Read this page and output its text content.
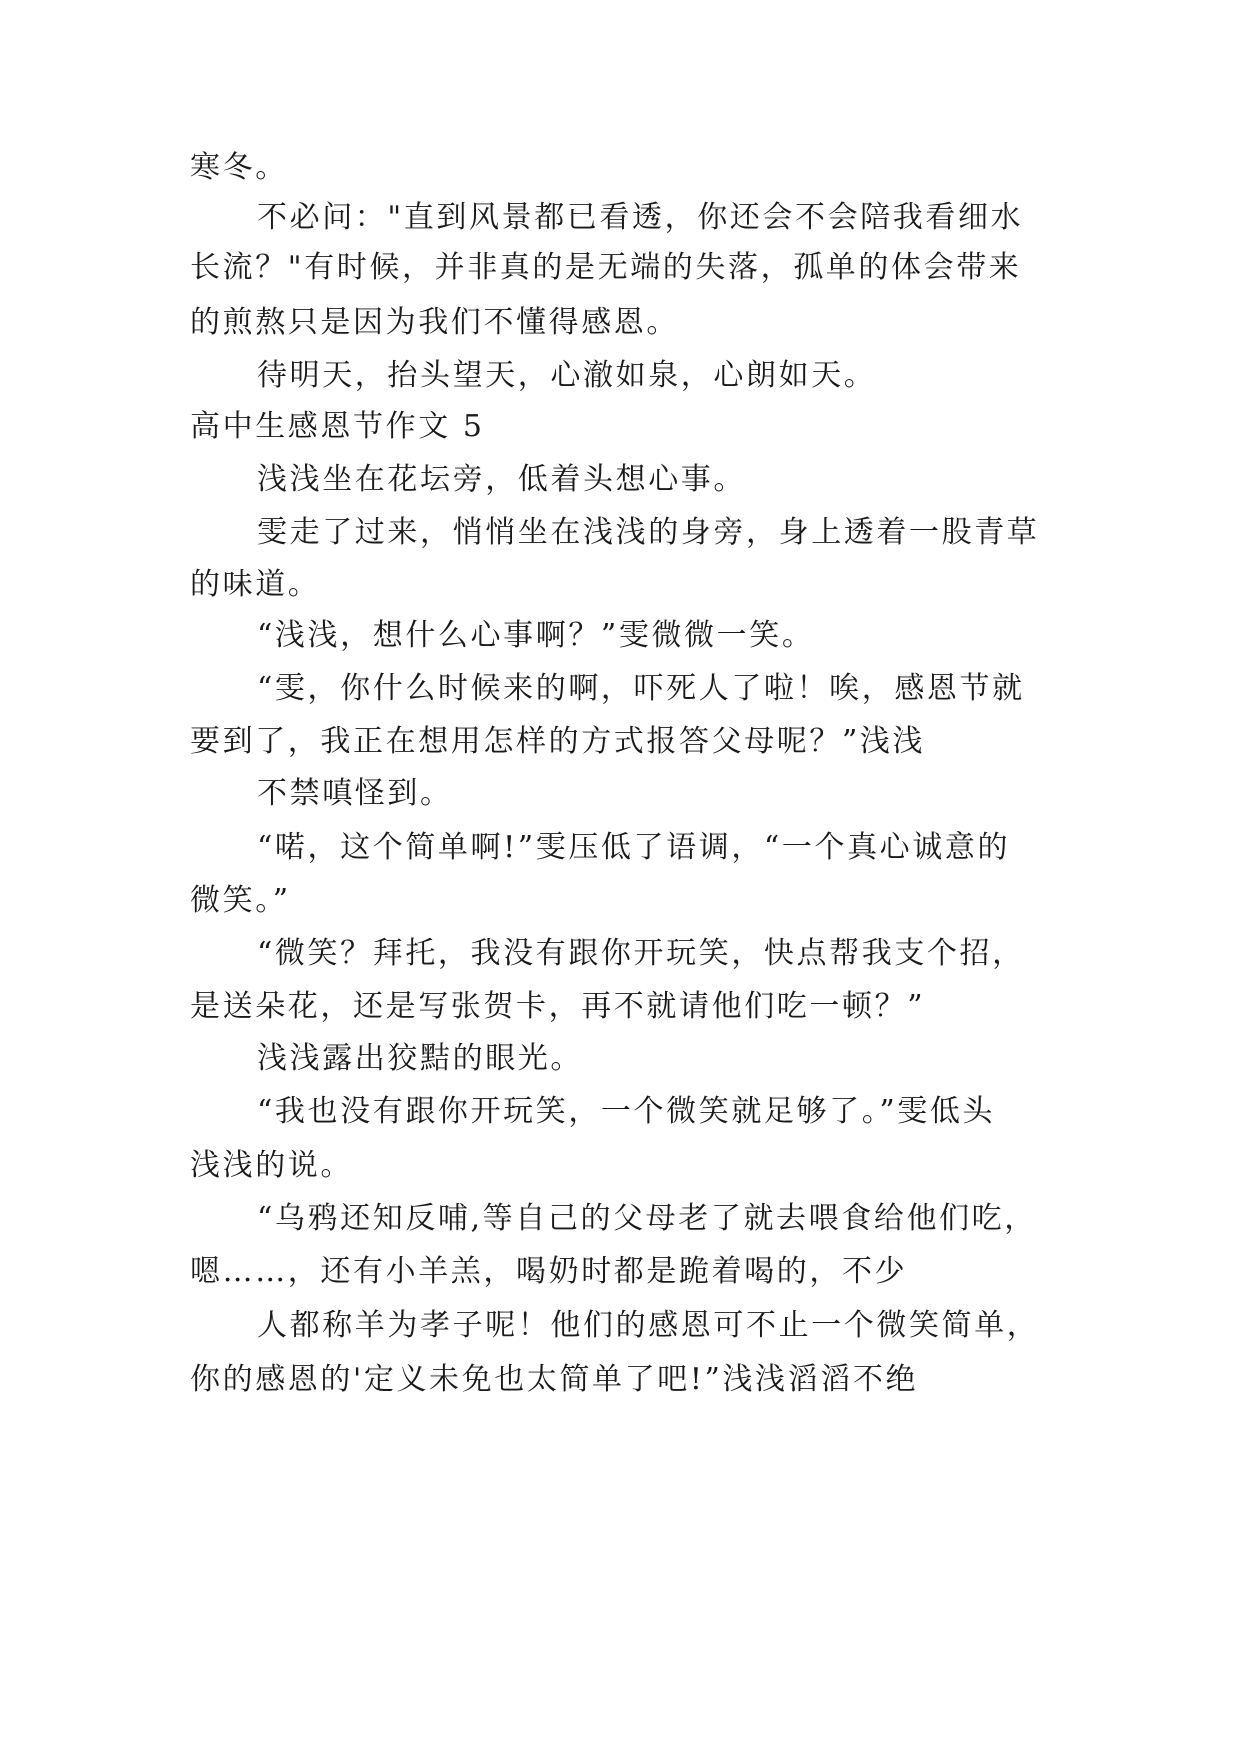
寒冬。
不必问："直到风景都已看透，你还会不会陪我看细水
长流？"有时候，并非真的是无端的失落，孤单的体会带来
的煎熬只是因为我们不懂得感恩。
待明天，抬头望天，心澈如泉，心朗如天。
高中生感恩节作文 5
浅浅坐在花坛旁，低着头想心事。
雯走了过来，悄悄坐在浅浅的身旁，身上透着一股青草
的味道。
“浅浅，想什么心事啊？”雯微微一笑。
“雯，你什么时候来的啊，吓死人了啦！唉，感恩节就
要到了，我正在想用怎样的方式报答父母呢？”浅浅
不禁嗔怪到。
“喏，这个简单啊!”雯压低了语调，“一个真心诚意的
微笑。”
“微笑？拜托，我没有跟你开玩笑，快点帮我支个招，
是送朵花，还是写张贺卡，再不就请他们吃一顿？”
浅浅露出狡黠的眼光。
“我也没有跟你开玩笑，一个微笑就足够了。”雯低头
浅浅的说。
“乌鸦还知反哺,等自己的父母老了就去喂食给他们吃，
嗯……，还有小羊羔，喝奶时都是跪着喝的，不少
人都称羊为孝子呢！他们的感恩可不止一个微笑简单，
你的感恩的'定义未免也太简单了吧!”浅浅滔滔不绝
